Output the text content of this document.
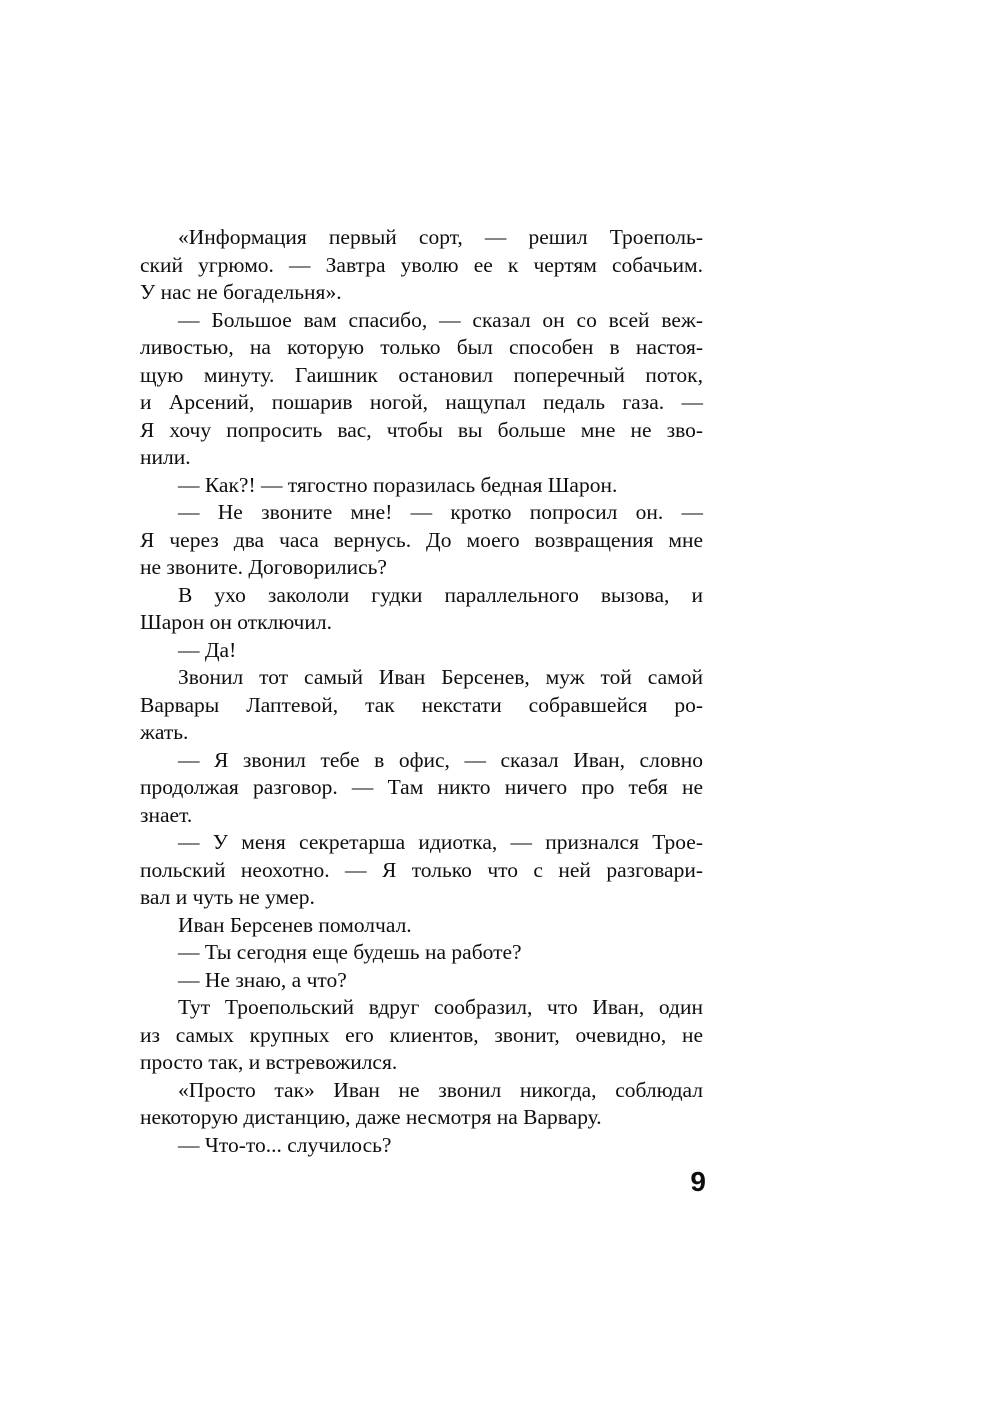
«Информация первый сорт, — решил Троеполь-
ский угрюмо. — Завтра уволю ее к чертям собачьим.
У нас не богадельня».
— Большое вам спасибо, — сказал он со всей веж-
ливостью, на которую только был способен в настоя-
щую минуту. Гаишник остановил поперечный поток,
и Арсений, пошарив ногой, нащупал педаль газа. —
Я хочу попросить вас, чтобы вы больше мне не зво-
нили.
— Как?! — тягостно поразилась бедная Шарон.
— Не звоните мне! — кротко попросил он. —
Я через два часа вернусь. До моего возвращения мне
не звоните. Договорились?
В ухо закололи гудки параллельного вызова, и
Шарон он отключил.
— Да!
Звонил тот самый Иван Берсенев, муж той самой
Варвары Лаптевой, так некстати собравшейся ро-
жать.
— Я звонил тебе в офис, — сказал Иван, словно
продолжая разговор. — Там никто ничего про тебя не
знает.
— У меня секретарша идиотка, — признался Трое-
польский неохотно. — Я только что с ней разговари-
вал и чуть не умер.
Иван Берсенев помолчал.
— Ты сегодня еще будешь на работе?
— Не знаю, а что?
Тут Троепольский вдруг сообразил, что Иван, один
из самых крупных его клиентов, звонит, очевидно, не
просто так, и встревожился.
«Просто так» Иван не звонил никогда, соблюдал
некоторую дистанцию, даже несмотря на Варвару.
— Что-то... случилось?
9
